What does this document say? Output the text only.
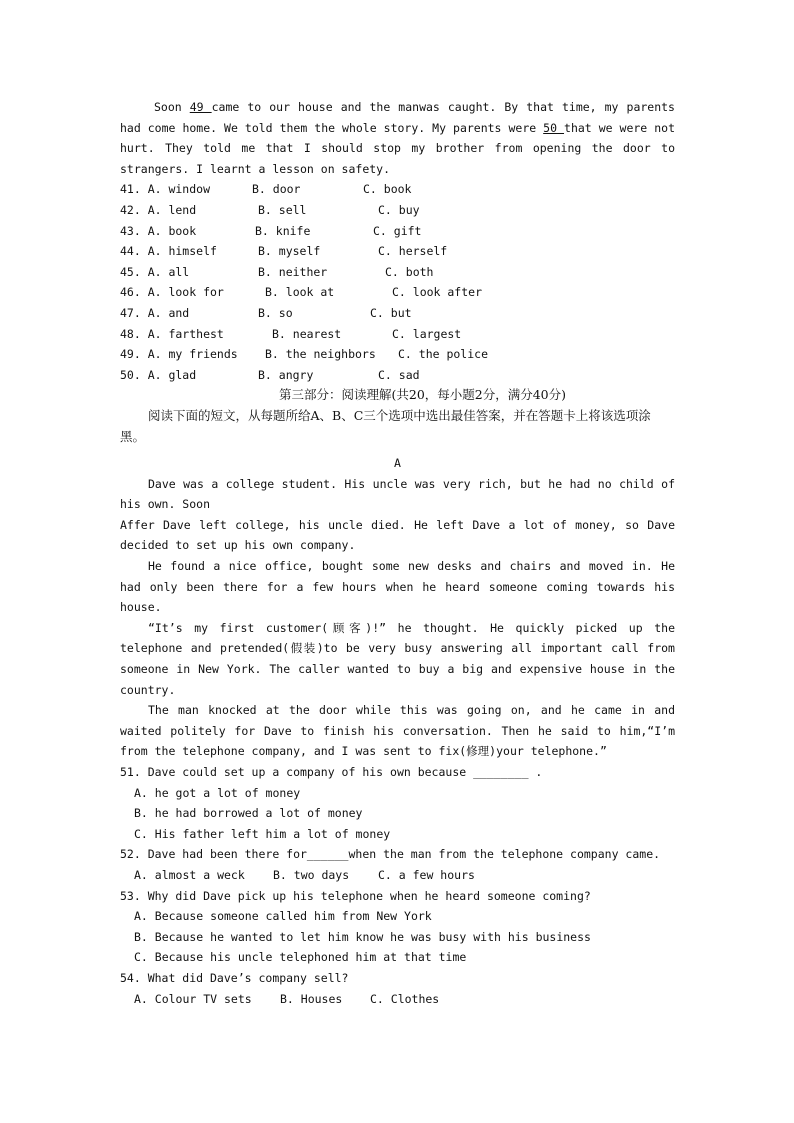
Soon 49 came to our house and the manwas caught. By that time, my parents had come home. We told them the whole story. My parents were 50 that we were not hurt. They told me that I should stop my brother from opening the door to strangers. I learnt a lesson on safety.

41. A. window	B. door	C. book
42. A. lend	B. sell	C. buy
43. A. book	B. knife	C. gift
44. A. himself	B. myself	C. herself
45. A. all	B. neither	C. both
46. A. look for	B. look at	C. look after
47. A. and	B. so	C. but
48. A. farthest	B. nearest	C. largest
49. A. my friends B. the neighbors C. the police
50. A. glad	B. angry	C. sad

第三部分：阅读理解(共20，每小题2分，满分40分)

阅读下面的短文，从每题所给A、B、C三个选项中选出最佳答案，并在答题卡上将该选项涂黑。

A

Dave was a college student. His uncle was very rich, but he had no child of his own. Soon

Affer Dave left college, his uncle died. He left Dave a lot of money, so Dave decided to set up his own company.

He found a nice office, bought some new desks and chairs and moved in. He had only been there for a few hours when he heard someone coming towards his house.

“It’s my first customer(顾客)!” he thought. He quickly picked up the telephone and pretended(假装)to be very busy answering all important call from someone in New York. The caller wanted to buy a big and expensive house in the country.

The man knocked at the door while this was going on, and he came in and waited politely for Dave to finish his conversation. Then he said to him,“I’m from the telephone company, and I was sent to fix(修理)your telephone.”

51. Dave could set up a company of his own because ________ .

A. he got a lot of money

B. he had borrowed a lot of money

C. His father left him a lot of money

52. Dave had been there for______when the man from the telephone company came.

A. almost a weck B. two days	C. a few hours

53. Why did Dave pick up his telephone when he heard someone coming?

A. Because someone called him from New York

B. Because he wanted to let him know he was busy with his business

C. Because his uncle telephoned him at that time

54. What did Dave’s company sell?

A. Colour TV sets B. Houses C. Clothes
